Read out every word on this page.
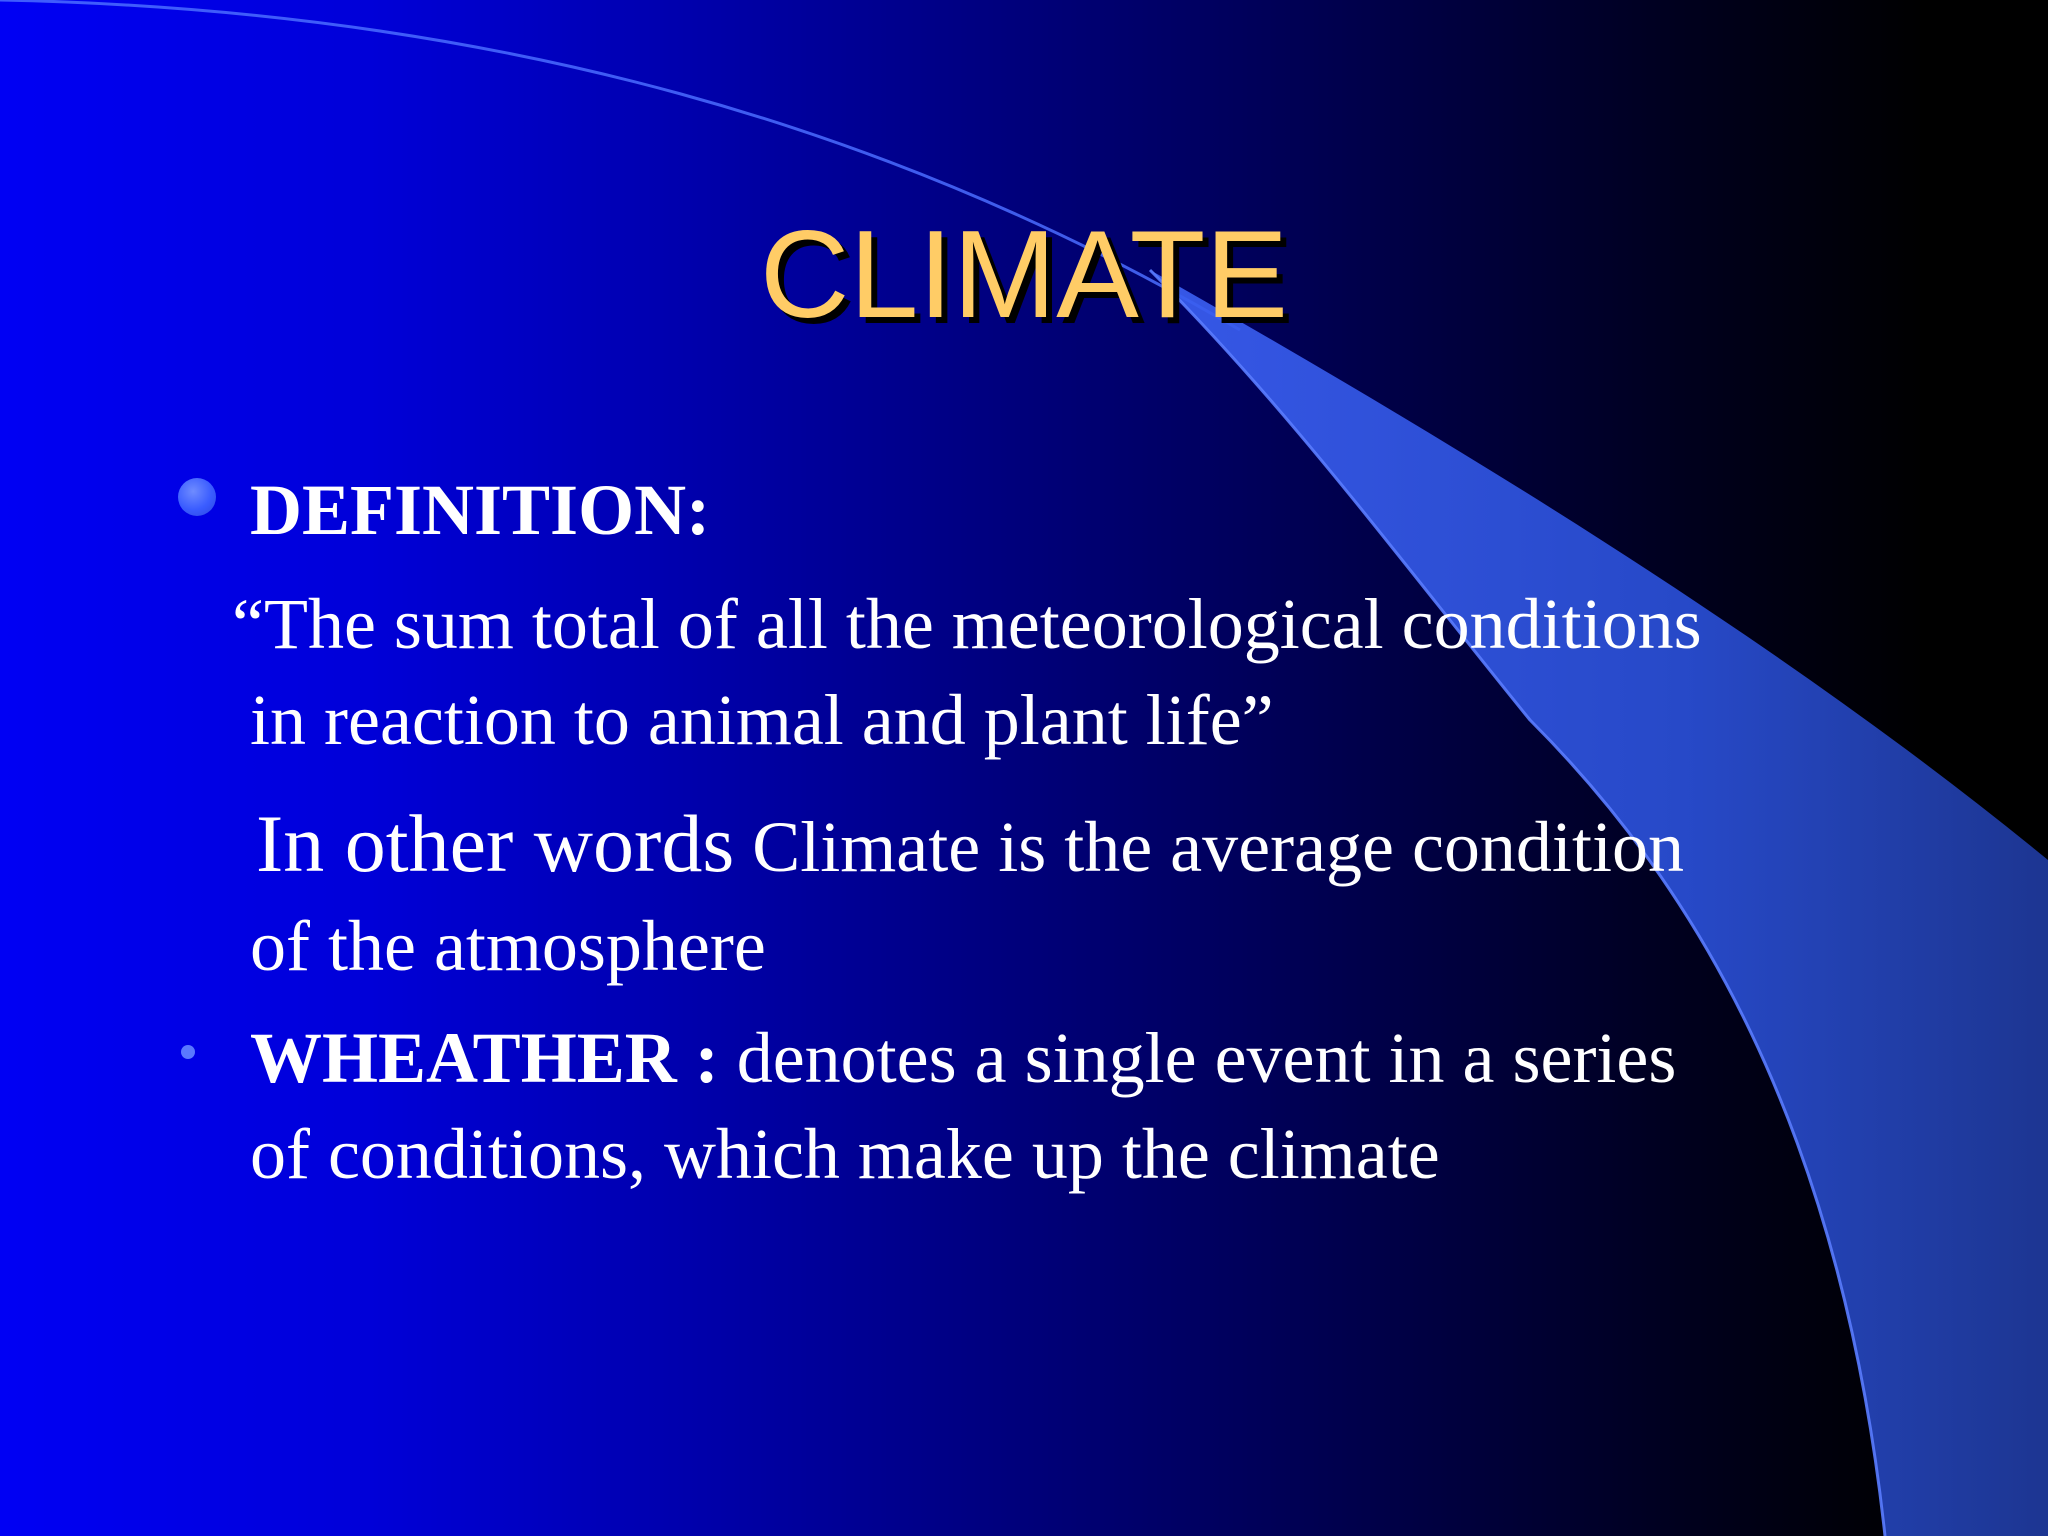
CLIMATE
DEFINITION:
“The sum total of all the meteorological conditions
in reaction to animal and plant life”
In other words Climate is the average condition
of the atmosphere
WHEATHER : denotes a single event in a series
of conditions, which make up the climate
